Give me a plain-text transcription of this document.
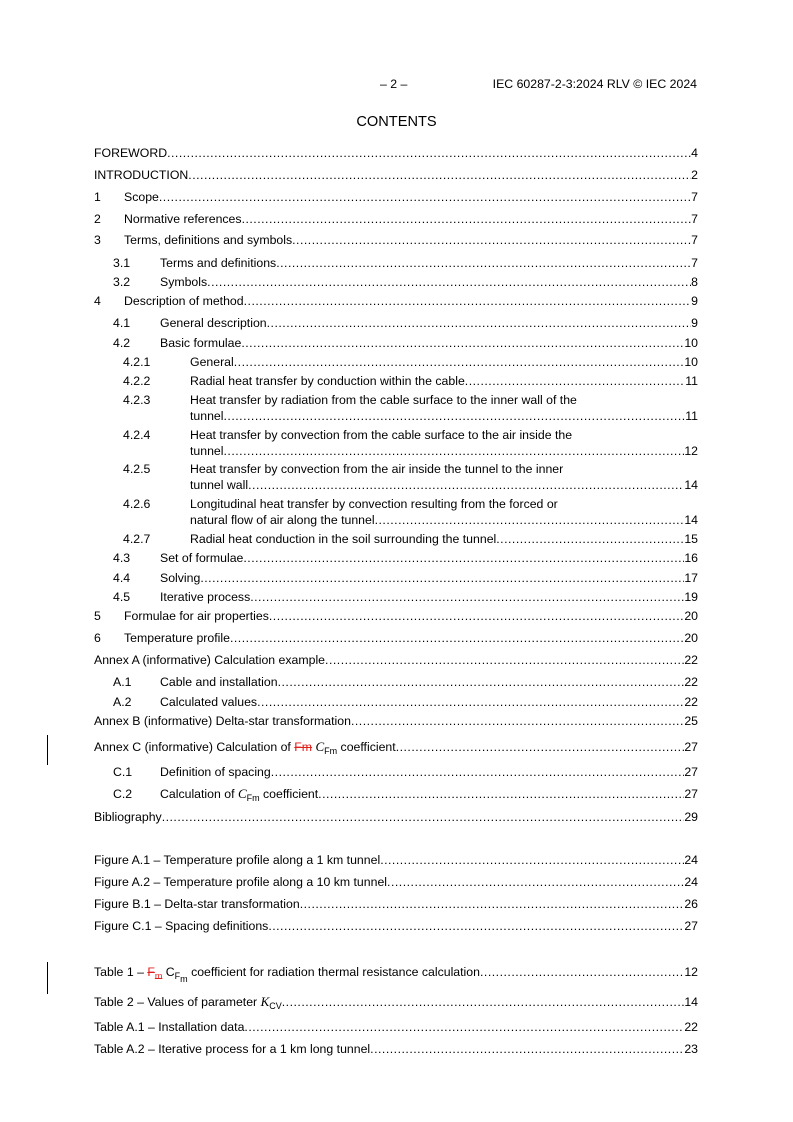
– 2 –	IEC 60287-2-3:2024 RLV © IEC 2024
CONTENTS
FOREWORD .....	4
INTRODUCTION .....	2
1	Scope .....	7
2	Normative references .....	7
3	Terms, definitions and symbols .....	7
3.1	Terms and definitions .....	7
3.2	Symbols .....	8
4	Description of method .....	9
4.1	General description .....	9
4.2	Basic formulae .....	10
4.2.1	General .....	10
4.2.2	Radial heat transfer by conduction within the cable .....	11
4.2.3	Heat transfer by radiation from the cable surface to the inner wall of the
tunnel .....	11
4.2.4	Heat transfer by convection from the cable surface to the air inside the
tunnel .....	12
4.2.5	Heat transfer by convection from the air inside the tunnel to the inner
tunnel wall .....	14
4.2.6	Longitudinal heat transfer by convection resulting from the forced or
natural flow of air along the tunnel .....	14
4.2.7	Radial heat conduction in the soil surrounding the tunnel .....	15
4.3	Set of formulae .....	16
4.4	Solving .....	17
4.5	Iterative process .....	19
5	Formulae for air properties .....	20
6	Temperature profile .....	20
Annex A (informative) Calculation example .....	22
A.1	Cable and installation .....	22
A.2	Calculated values .....	22
Annex B (informative) Delta-star transformation .....	25
Annex C (informative) Calculation of Fm $C_{Fm}$ coefficient .....	27
C.1	Definition of spacing .....	27
C.2	Calculation of $C_{Fm}$ coefficient .....	27
Bibliography .....	29
Figure A.1 – Temperature profile along a 1 km tunnel .....	24
Figure A.2 – Temperature profile along a 10 km tunnel .....	24
Figure B.1 – Delta-star transformation .....	26
Figure C.1 – Spacing definitions .....	27
Table $1 - F_m$ $C_{F_m}$ coefficient for radiation thermal resistance calculation .....	12
Table 2 – Values of parameter $K_{CV}$ .....	14
Table A.1 – Installation data .....	22
Table A.2 – Iterative process for a 1 km long tunnel .....	23
